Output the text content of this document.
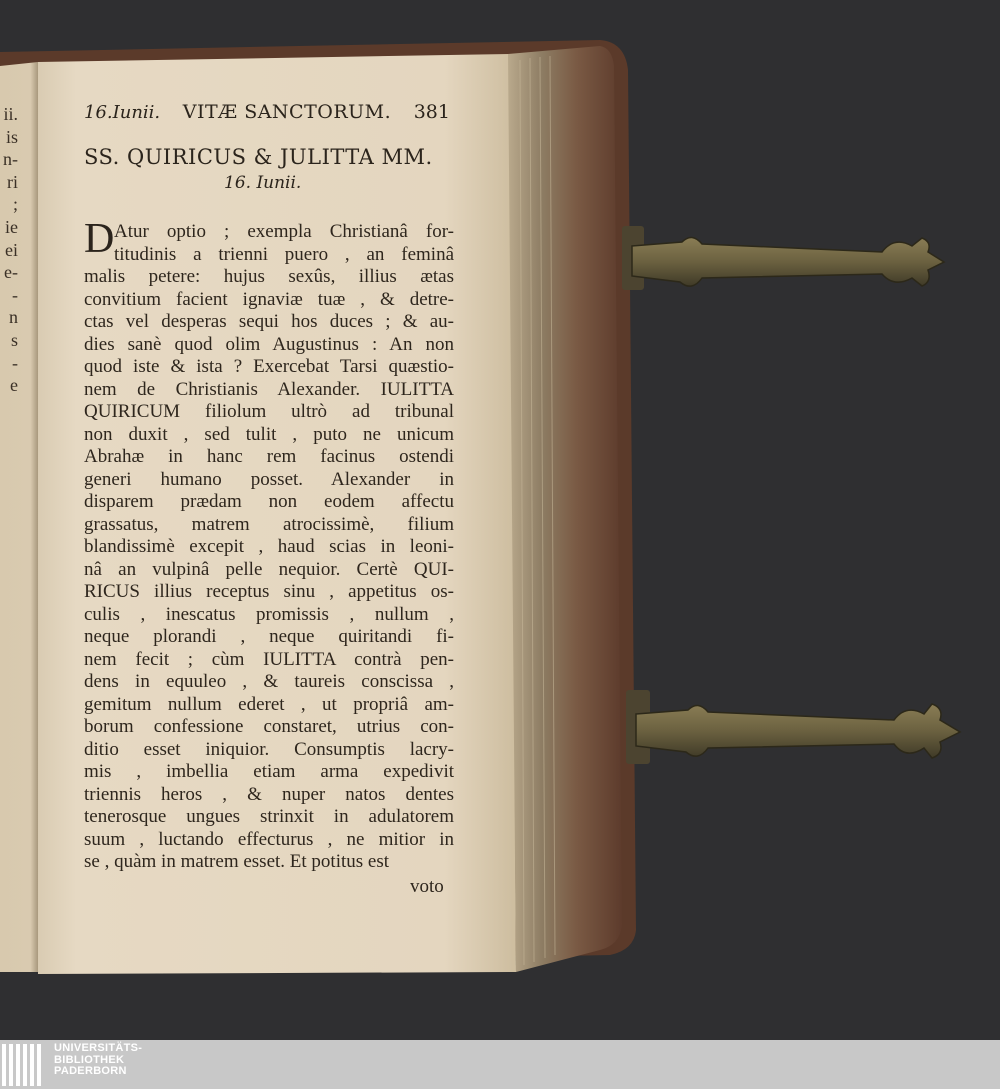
16.Iunii. VITÆ SANCTORUM. 381
SS. QUIRICUS & JULITTA MM.
16. Iunii.
D Atur optio ; exempla Christianâ for-
titudinis a trienni puero , an feminâ
malis petere: hujus sexûs, illius ætas
convitium facient ignaviæ tuæ , & detre-
ctas vel desperas sequi hos duces ; & au-
dies sanè quod olim Augustinus : An non
quod iste & ista ? Exercebat Tarsi quæstio-
nem de Christianis Alexander. IULITTA
QUIRICUM filiolum ultrò ad tribunal
non duxit , sed tulit , puto ne unicum
Abrahæ in hanc rem facinus ostendi
generi humano posset. Alexander in
disparem prædam non eodem affectu
grassatus, matrem atrocissimè, filium
blandissimè excepit , haud scias in leoni-
nâ an vulpinâ pelle nequior. Certè QUI-
RICUS illius receptus sinu , appetitus os-
culis , inescatus promissis , nullum ,
neque plorandi , neque quiritandi fi-
nem fecit ; cùm IULITTA contrà pen-
dens in equuleo , & taureis conscissa ,
gemitum nullum ederet , ut propriâ am-
borum confessione constaret, utrius con-
ditio esset iniquior. Consumptis lacry-
mis , imbellia etiam arma expedivit
triennis heros , & nuper natos dentes
tenerosque ungues strinxit in adulatorem
suum , luctando effecturus , ne mitior in
se , quàm in matrem esset. Et potitus est
voto
ii.
is
n-
ri
;
ie
ei
e-
-
n
s
-
e
UNIVERSITÄTS-
BIBLIOTHEK
PADERBORN
